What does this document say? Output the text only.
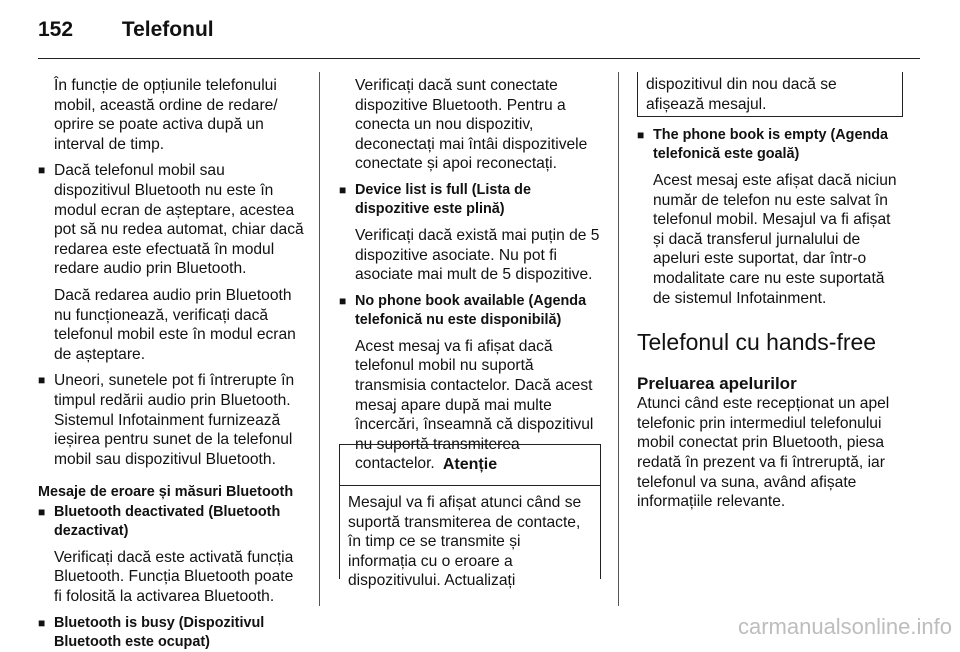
152 Telefonul

În funcție de opțiunile telefonului mobil, această ordine de redare/ oprire se poate activa după un interval de timp.

■ Dacă telefonul mobil sau dispozitivul Bluetooth nu este în modul ecran de așteptare, acestea pot să nu redea automat, chiar dacă redarea este efectuată în modul redare audio prin Bluetooth.

Dacă redarea audio prin Bluetooth nu funcționează, verificați dacă telefonul mobil este în modul ecran de așteptare.

■ Uneori, sunetele pot fi întrerupte în timpul redării audio prin Bluetooth. Sistemul Infotainment furnizează ieșirea pentru sunet de la telefonul mobil sau dispozitivul Bluetooth.

Mesaje de eroare și măsuri Bluetooth

■ Bluetooth deactivated (Bluetooth dezactivat)

Verificați dacă este activată funcția Bluetooth. Funcția Bluetooth poate fi folosită la activarea Bluetooth.

■ Bluetooth is busy (Dispozitivul Bluetooth este ocupat)

Verificați dacă sunt conectate dispozitive Bluetooth. Pentru a conecta un nou dispozitiv, deconectați mai întâi dispozitivele conectate și apoi reconectați.

■ Device list is full (Lista de dispozitive este plină)

Verificați dacă există mai puțin de 5 dispozitive asociate. Nu pot fi asociate mai mult de 5 dispozitive.

■ No phone book available (Agenda telefonică nu este disponibilă)

Acest mesaj va fi afișat dacă telefonul mobil nu suportă transmisia contactelor. Dacă acest mesaj apare după mai multe încercări, înseamnă că dispozitivul nu suportă transmiterea contactelor. Atenție
Mesajul va fi afișat atunci când se suportă transmiterea de contacte, în timp ce se transmite și informația cu o eroare a dispozitivului. Actualizați

dispozitivul din nou dacă se afișează mesajul.

■ The phone book is empty (Agenda telefonică este goală)

Acest mesaj este afișat dacă niciun număr de telefon nu este salvat în telefonul mobil. Mesajul va fi afișat și dacă transferul jurnalului de apeluri este suportat, dar într-o modalitate care nu este suportată de sistemul Infotainment.

Telefonul cu hands-free

Preluarea apelurilor

Atunci când este recepționat un apel telefonic prin intermediul telefonului mobil conectat prin Bluetooth, piesa redată în prezent va fi întreruptă, iar telefonul va suna, având afișate informațiile relevante.

carmanualsonline.info
